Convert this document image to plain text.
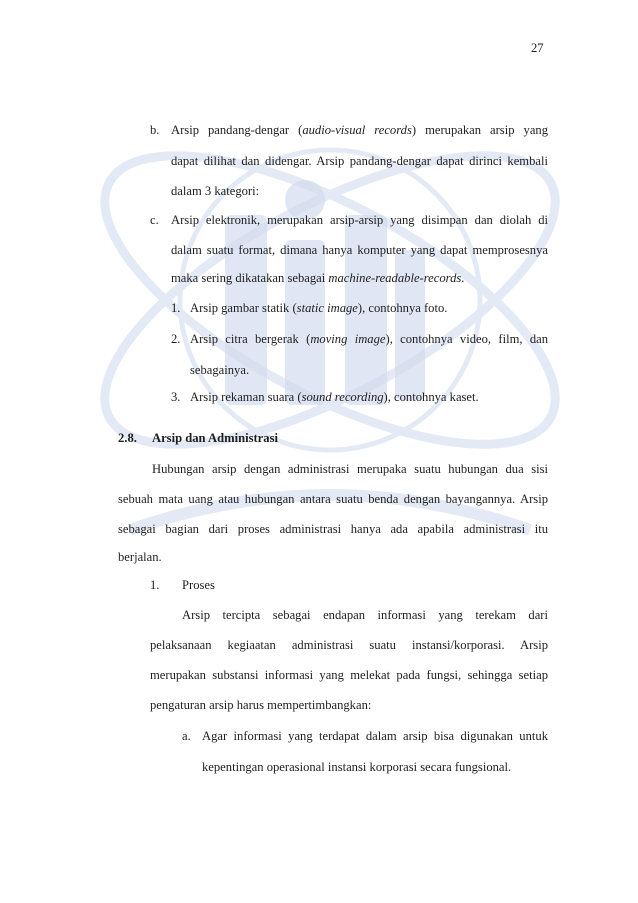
27
b. Arsip pandang-dengar (audio-visual records) merupakan arsip yang
dapat dilihat dan didengar. Arsip pandang-dengar dapat dirinci kembali
dalam 3 kategori:
c. Arsip elektronik, merupakan arsip-arsip yang disimpan dan diolah di
dalam suatu format, dimana hanya komputer yang dapat memprosesnya
maka sering dikatakan sebagai machine-readable-records.
1. Arsip gambar statik (static image), contohnya foto.
2. Arsip citra bergerak (moving image), contohnya video, film, dan
sebagainya.
3. Arsip rekaman suara (sound recording), contohnya kaset.
2.8. Arsip dan Administrasi
Hubungan arsip dengan administrasi merupaka suatu hubungan dua sisi
sebuah mata uang atau hubungan antara suatu benda dengan bayangannya. Arsip
sebagai bagian dari proses administrasi hanya ada apabila administrasi itu
berjalan.
1. Proses
Arsip tercipta sebagai endapan informasi yang terekam dari
pelaksanaan kegiaatan administrasi suatu instansi/korporasi. Arsip
merupakan substansi informasi yang melekat pada fungsi, sehingga setiap
pengaturan arsip harus mempertimbangkan:
a. Agar informasi yang terdapat dalam arsip bisa digunakan untuk
kepentingan operasional instansi korporasi secara fungsional.
